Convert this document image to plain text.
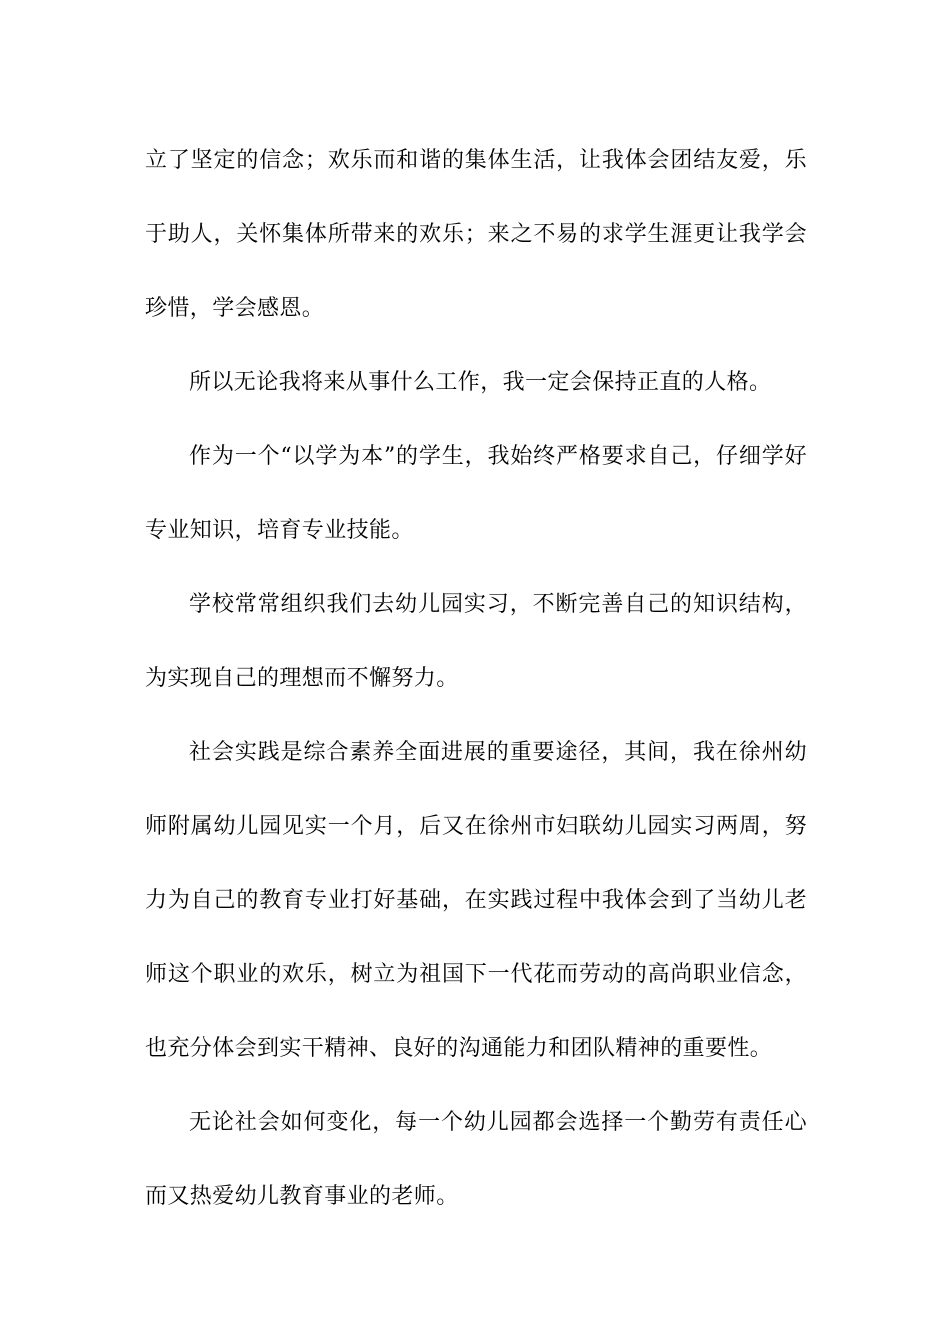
立了坚定的信念；欢乐而和谐的集体生活，让我体会团结友爱，乐于助人，关怀集体所带来的欢乐；来之不易的求学生涯更让我学会珍惜，学会感恩。

所以无论我将来从事什么工作，我一定会保持正直的人格。

作为一个“以学为本”的学生，我始终严格要求自己，仔细学好专业知识，培育专业技能。

学校常常组织我们去幼儿园实习，不断完善自己的知识结构，为实现自己的理想而不懈努力。

社会实践是综合素养全面进展的重要途径，其间，我在徐州幼师附属幼儿园见实一个月，后又在徐州市妇联幼儿园实习两周，努力为自己的教育专业打好基础，在实践过程中我体会到了当幼儿老师这个职业的欢乐，树立为祖国下一代花而劳动的高尚职业信念，也充分体会到实干精神、良好的沟通能力和团队精神的重要性。

无论社会如何变化，每一个幼儿园都会选择一个勤劳有责任心而又热爱幼儿教育事业的老师。
